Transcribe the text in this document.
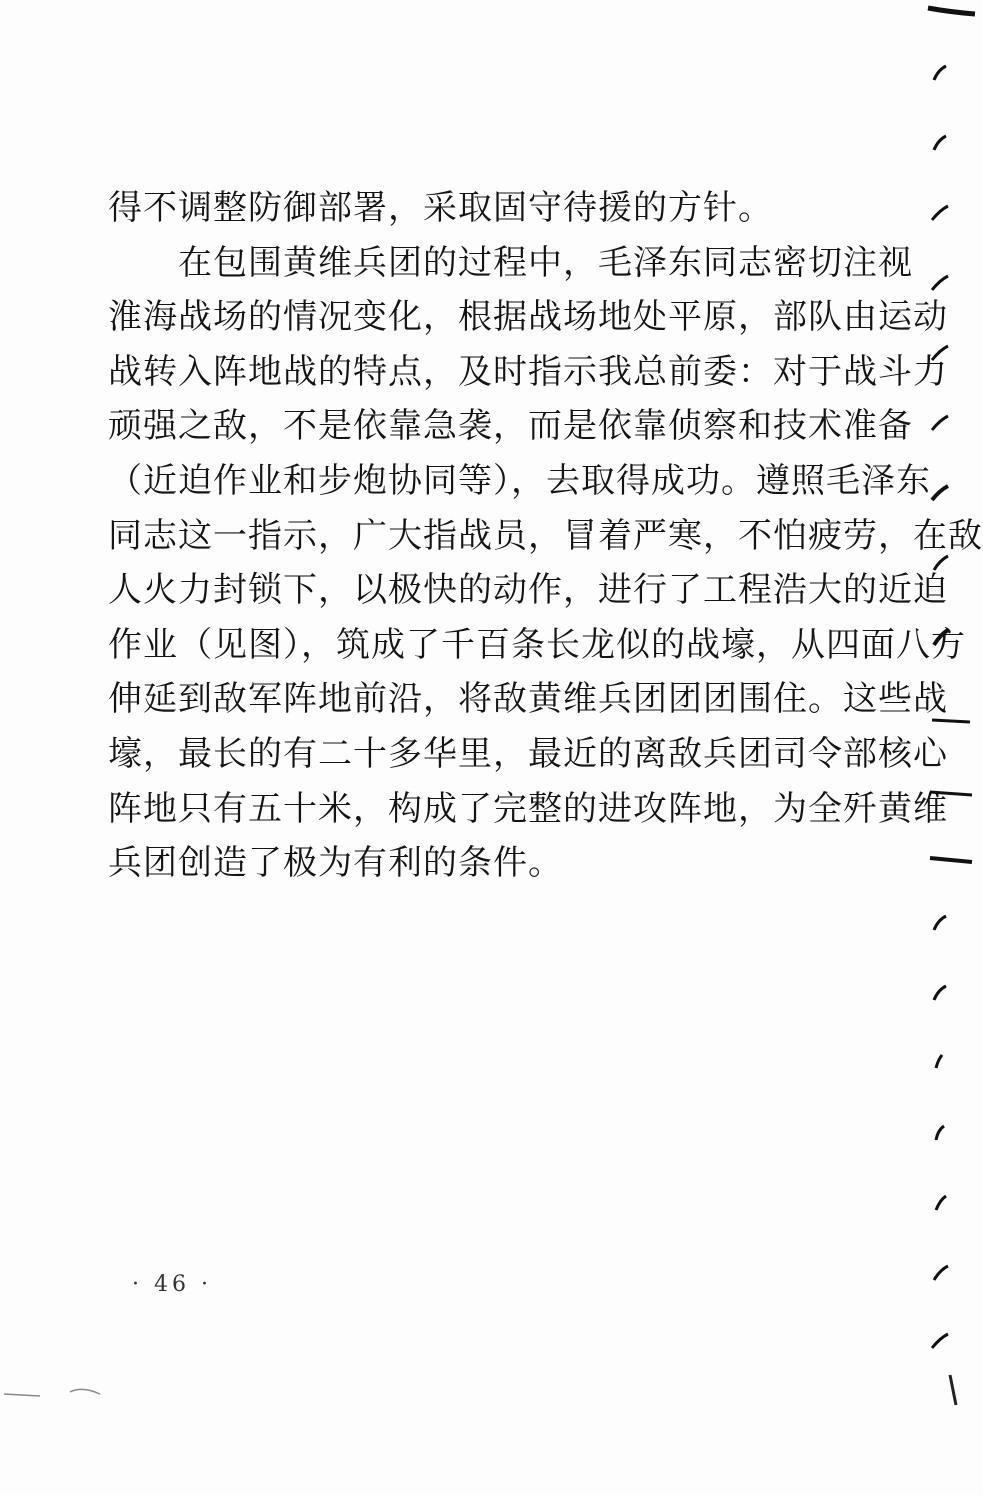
得不调整防御部署，采取固守待援的方针。
　　在包围黄维兵团的过程中，毛泽东同志密切注视
淮海战场的情况变化，根据战场地处平原，部队由运动
战转入阵地战的特点，及时指示我总前委：对于战斗力
顽强之敌，不是依靠急袭，而是依靠侦察和技术准备
（近迫作业和步炮协同等），去取得成功。遵照毛泽东
同志这一指示，广大指战员，冒着严寒，不怕疲劳，在敌
人火力封锁下，以极快的动作，进行了工程浩大的近迫
作业（见图），筑成了千百条长龙似的战壕，从四面八方
伸延到敌军阵地前沿，将敌黄维兵团团团围住。这些战
壕，最长的有二十多华里，最近的离敌兵团司令部核心
阵地只有五十米，构成了完整的进攻阵地，为全歼黄维
兵团创造了极为有利的条件。
· 46 ·
